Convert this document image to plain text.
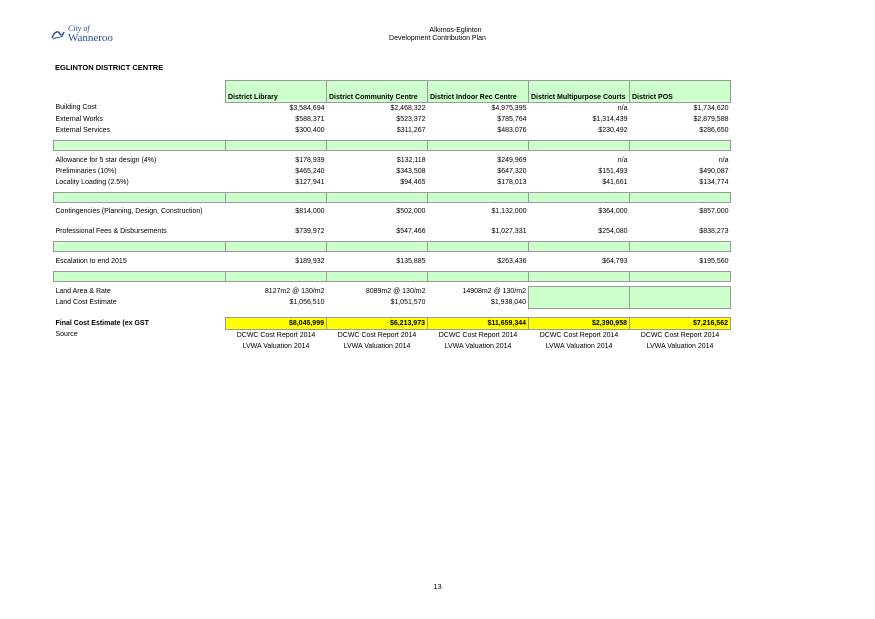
City of
Wanneroo
Alkimos-Eglinton
Development Contribution Plan
EGLINTON DISTRICT CENTRE
	District Library	District Community Centre	District Indoor Rec Centre	District Multipurpose Courts	District POS
Building Cost	$3,584,694	$2,468,322	$4,975,395	n/a	$1,734,620
External Works	$588,371	$523,372	$785,764	$1,314,439	$2,879,588
External Services	$300,400	$311,267	$483,076	$230,492	$286,650

Allowance for 5 star design (4%)	$178,939	$132,118	$249,969	n/a	n/a
Preliminaries (10%)	$465,240	$343,508	$647,320	$151,493	$490,087
Locality Loading (2.5%)	$127,941	$94,465	$178,013	$41,661	$134,774

Contingencies (Planning, Design, Construction)	$814,000	$502,000	$1,132,000	$364,000	$857,000
Professional Fees & Disbursements	$739,972	$547,466	$1,027,331	$254,080	$838,273

Escalation to end 2015	$189,932	$135,885	$263,436	$64,793	$195,560

Land Area & Rate	8127m2 @ 130/m2	8089m2 @ 130/m2	14908m2 @ 130/m2		
Land Cost Estimate	$1,056,510	$1,051,570	$1,938,040		

Final Cost Estimate (ex GST	$8,045,999	$6,213,973	$11,659,344	$2,390,958	$7,216,562
Source	DCWC Cost Report 2014	DCWC Cost Report 2014	DCWC Cost Report 2014	DCWC Cost Report 2014	DCWC Cost Report 2014
	LVWA Valuation 2014	LVWA Valuation 2014	LVWA Valuation 2014	LVWA Valuation 2014	LVWA Valuation 2014
13
